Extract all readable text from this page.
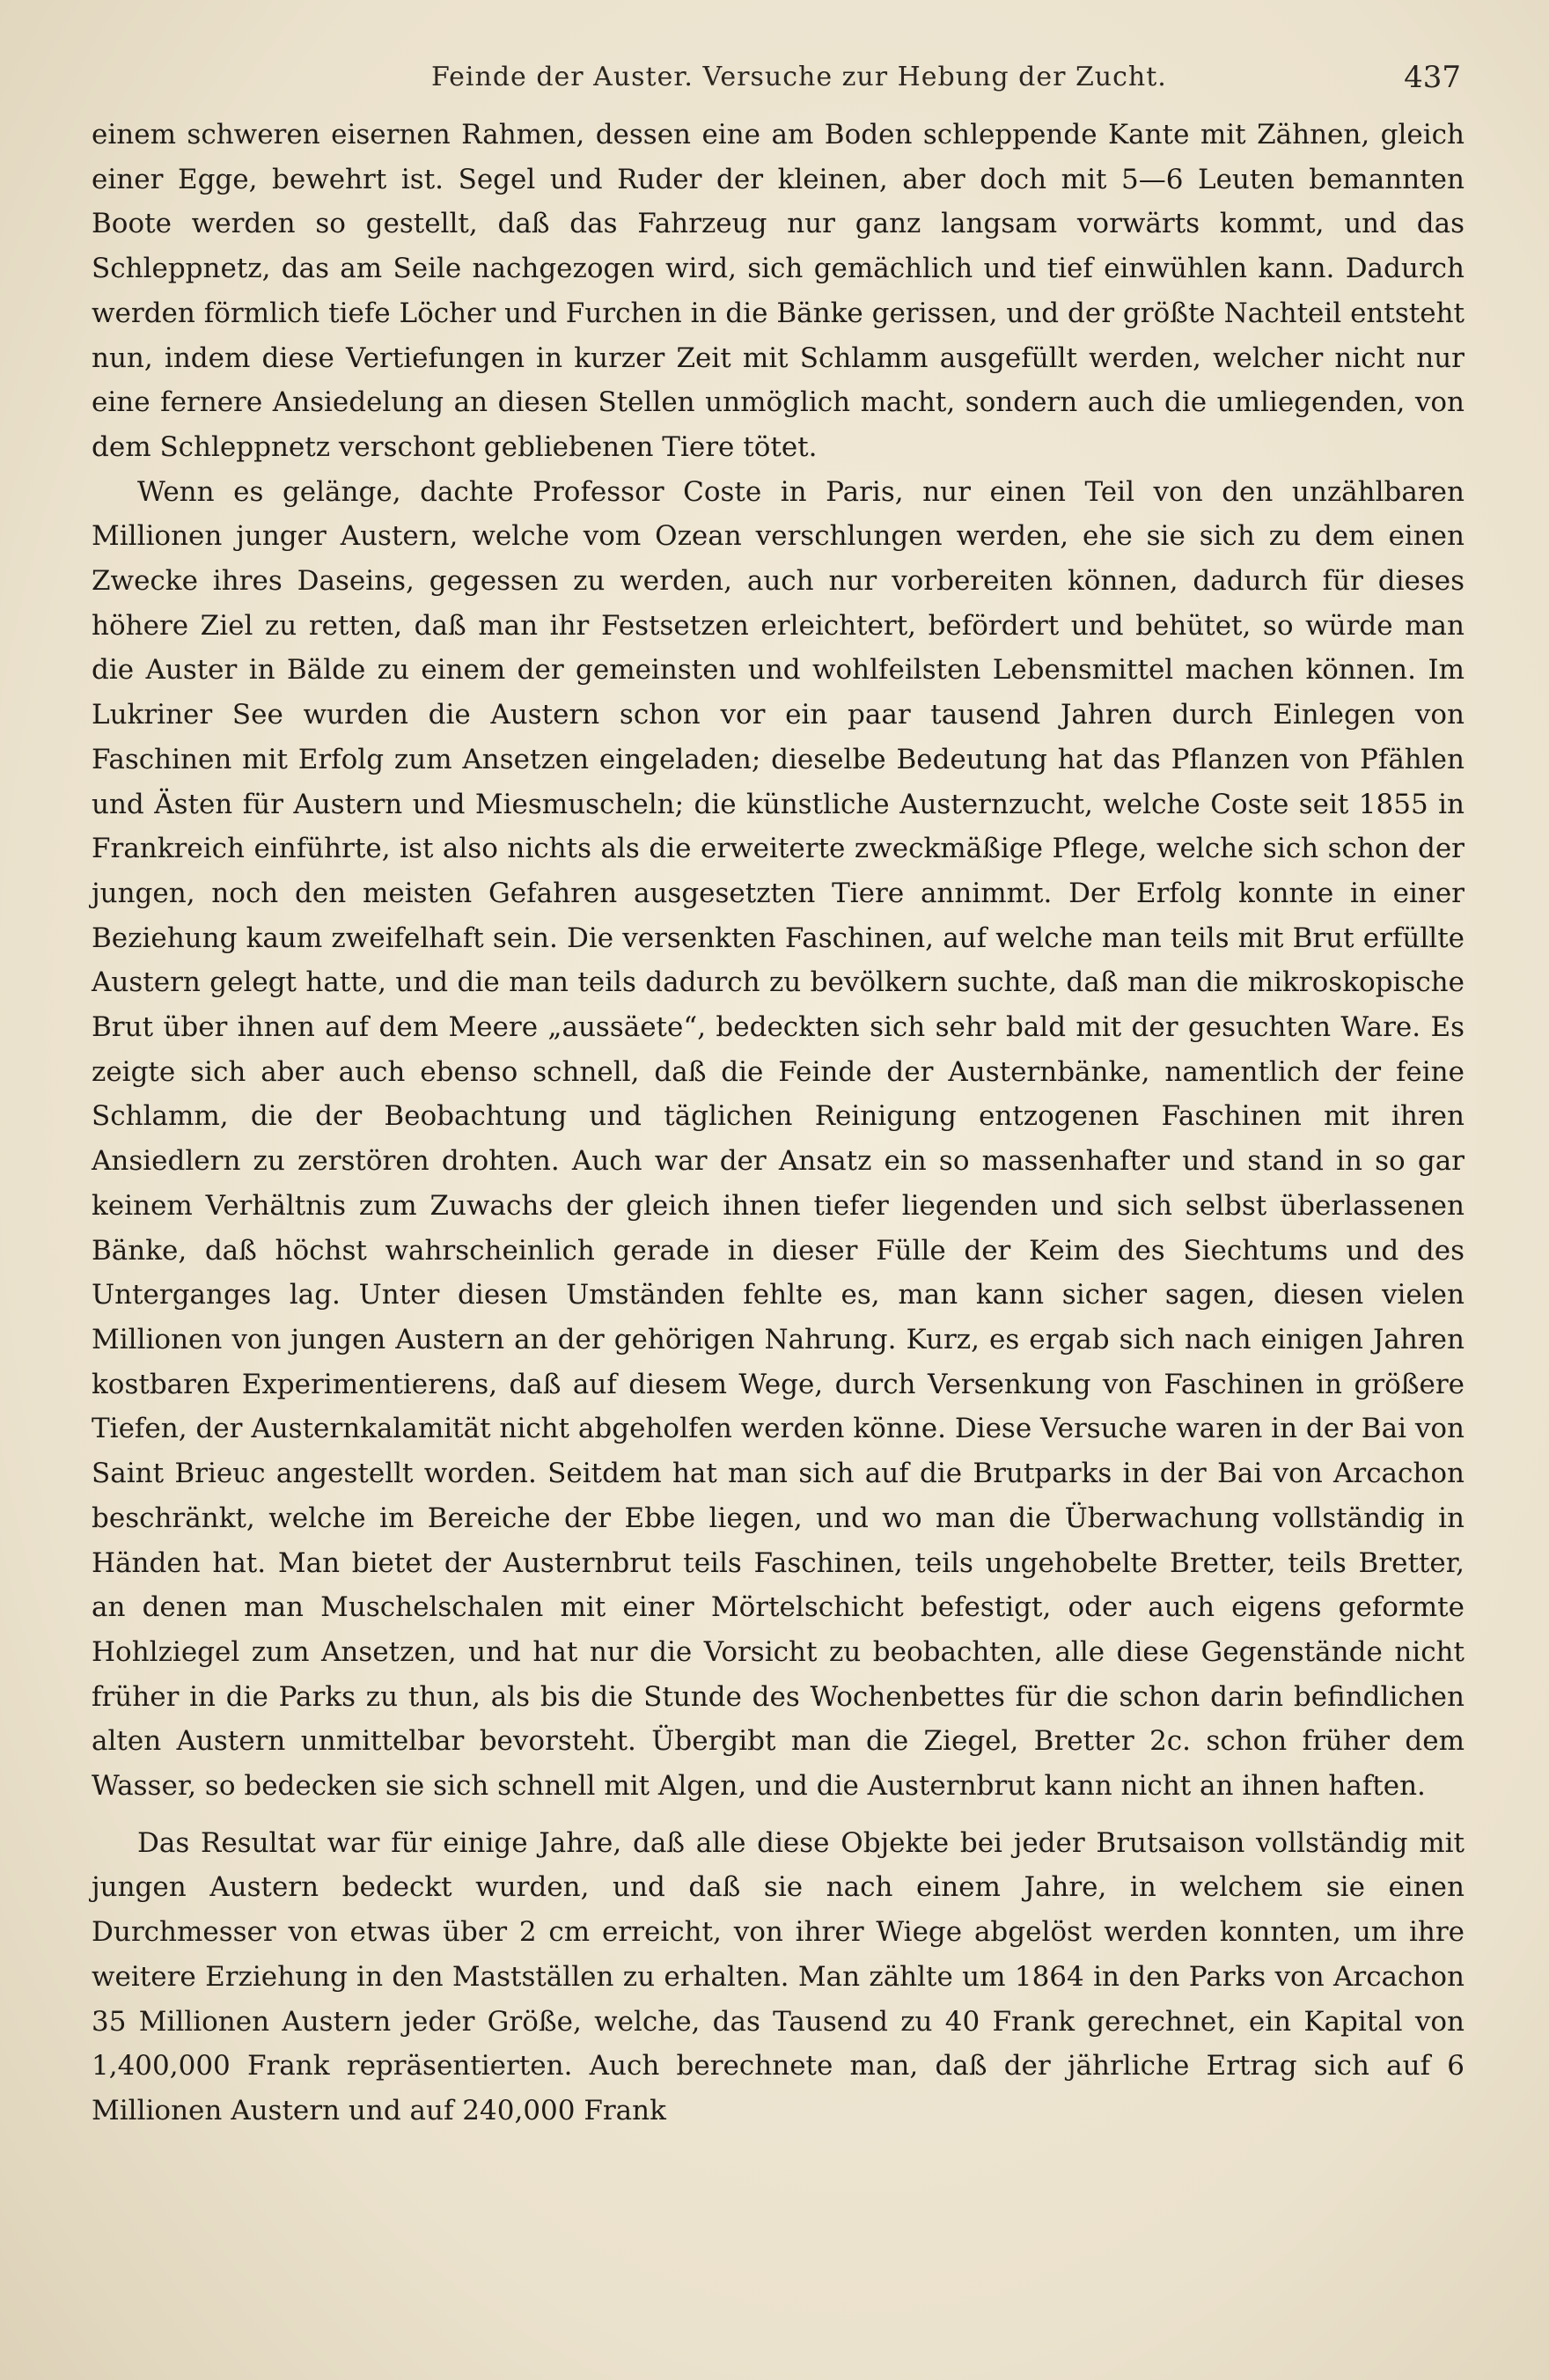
Feinde der Auster. Versuche zur Hebung der Zucht.	437

einem schweren eisernen Rahmen, dessen eine am Boden schleppende Kante mit Zähnen, gleich einer Egge, bewehrt ist. Segel und Ruder der kleinen, aber doch mit 5—6 Leuten bemannten Boote werden so gestellt, daß das Fahrzeug nur ganz langsam vorwärts kommt, und das Schleppnetz, das am Seile nachgezogen wird, sich gemächlich und tief einwühlen kann. Dadurch werden förmlich tiefe Löcher und Furchen in die Bänke gerissen, und der größte Nachteil entsteht nun, indem diese Vertiefungen in kurzer Zeit mit Schlamm ausgefüllt werden, welcher nicht nur eine fernere Ansiedelung an diesen Stellen unmöglich macht, sondern auch die umliegenden, von dem Schleppnetz verschont gebliebenen Tiere tötet.

Wenn es gelänge, dachte Professor Coste in Paris, nur einen Teil von den unzählbaren Millionen junger Austern, welche vom Ozean verschlungen werden, ehe sie sich zu dem einen Zwecke ihres Daseins, gegessen zu werden, auch nur vorbereiten können, dadurch für dieses höhere Ziel zu retten, daß man ihr Festsetzen erleichtert, befördert und behütet, so würde man die Auster in Bälde zu einem der gemeinsten und wohlfeilsten Lebensmittel machen können. Im Lukriner See wurden die Austern schon vor ein paar tausend Jahren durch Einlegen von Faschinen mit Erfolg zum Ansetzen eingeladen; dieselbe Bedeutung hat das Pflanzen von Pfählen und Ästen für Austern und Miesmuscheln; die künstliche Austernzucht, welche Coste seit 1855 in Frankreich einführte, ist also nichts als die erweiterte zweckmäßige Pflege, welche sich schon der jungen, noch den meisten Gefahren ausgesetzten Tiere annimmt. Der Erfolg konnte in einer Beziehung kaum zweifelhaft sein. Die versenkten Faschinen, auf welche man teils mit Brut erfüllte Austern gelegt hatte, und die man teils dadurch zu bevölkern suchte, daß man die mikroskopische Brut über ihnen auf dem Meere „aussäete“, bedeckten sich sehr bald mit der gesuchten Ware. Es zeigte sich aber auch ebenso schnell, daß die Feinde der Austernbänke, namentlich der feine Schlamm, die der Beobachtung und täglichen Reinigung entzogenen Faschinen mit ihren Ansiedlern zu zerstören drohten. Auch war der Ansatz ein so massenhafter und stand in so gar keinem Verhältnis zum Zuwachs der gleich ihnen tiefer liegenden und sich selbst überlassenen Bänke, daß höchst wahrscheinlich gerade in dieser Fülle der Keim des Siechtums und des Unterganges lag. Unter diesen Umständen fehlte es, man kann sicher sagen, diesen vielen Millionen von jungen Austern an der gehörigen Nahrung. Kurz, es ergab sich nach einigen Jahren kostbaren Experimentierens, daß auf diesem Wege, durch Versenkung von Faschinen in größere Tiefen, der Austernkalamität nicht abgeholfen werden könne. Diese Versuche waren in der Bai von Saint Brieuc angestellt worden. Seitdem hat man sich auf die Brutparks in der Bai von Arcachon beschränkt, welche im Bereiche der Ebbe liegen, und wo man die Überwachung vollständig in Händen hat. Man bietet der Austernbrut teils Faschinen, teils ungehobelte Bretter, teils Bretter, an denen man Muschelschalen mit einer Mörtelschicht befestigt, oder auch eigens geformte Hohlziegel zum Ansetzen, und hat nur die Vorsicht zu beobachten, alle diese Gegenstände nicht früher in die Parks zu thun, als bis die Stunde des Wochenbettes für die schon darin befindlichen alten Austern unmittelbar bevorsteht. Übergibt man die Ziegel, Bretter 2c. schon früher dem Wasser, so bedecken sie sich schnell mit Algen, und die Austernbrut kann nicht an ihnen haften.

Das Resultat war für einige Jahre, daß alle diese Objekte bei jeder Brutsaison vollständig mit jungen Austern bedeckt wurden, und daß sie nach einem Jahre, in welchem sie einen Durchmesser von etwas über 2 cm erreicht, von ihrer Wiege abgelöst werden konnten, um ihre weitere Erziehung in den Mastställen zu erhalten. Man zählte um 1864 in den Parks von Arcachon 35 Millionen Austern jeder Größe, welche, das Tausend zu 40 Frank gerechnet, ein Kapital von 1,400,000 Frank repräsentierten. Auch berechnete man, daß der jährliche Ertrag sich auf 6 Millionen Austern und auf 240,000 Frank
